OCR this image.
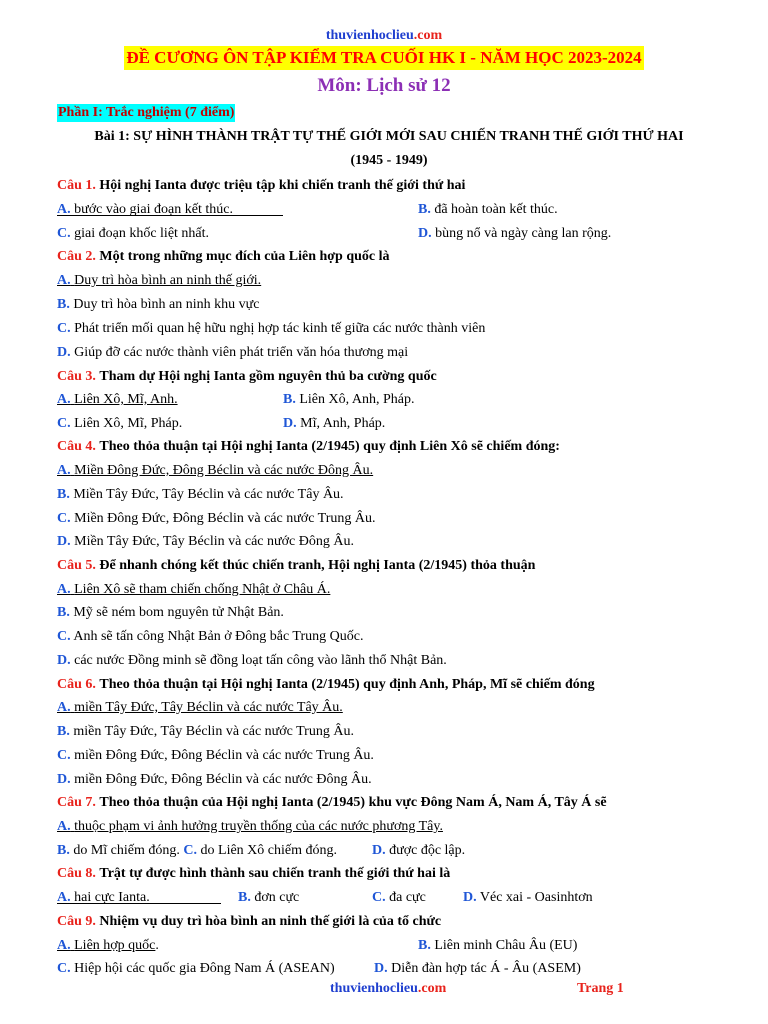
thuvienhoclieu.com
ĐỀ CƯƠNG ÔN TẬP KIỂM TRA CUỐI HK I - NĂM HỌC 2023-2024
Môn: Lịch sử 12
Phần I: Trắc nghiệm (7 điểm)
Bài 1: SỰ HÌNH THÀNH TRẬT TỰ THẾ GIỚI MỚI SAU CHIẾN TRANH THẾ GIỚI THỨ HAI
(1945 - 1949)
Câu 1. Hội nghị Ianta được triệu tập khi chiến tranh thế giới thứ hai
A. bước vào giai đoạn kết thúc.	B. đã hoàn toàn kết thúc.
C. giai đoạn khốc liệt nhất.	D. bùng nổ và ngày càng lan rộng.
Câu 2. Một trong những mục đích của Liên hợp quốc là
A. Duy trì hòa bình an ninh thế giới.
B. Duy trì hòa bình an ninh khu vực
C. Phát triển mối quan hệ hữu nghị hợp tác kinh tế giữa các nước thành viên
D. Giúp đỡ các nước thành viên phát triển văn hóa thương mại
Câu 3. Tham dự Hội nghị Ianta gồm nguyên thủ ba cường quốc
A. Liên Xô, Mĩ, Anh.	B. Liên Xô, Anh, Pháp.
C. Liên Xô, Mĩ, Pháp.	D. Mĩ, Anh, Pháp.
Câu 4. Theo thỏa thuận tại Hội nghị Ianta (2/1945) quy định Liên Xô sẽ chiếm đóng:
A. Miền Đông Đức, Đông Béclin và các nước Đông Âu.
B. Miền Tây Đức, Tây Béclin và các nước Tây Âu.
C. Miền Đông Đức, Đông Béclin và các nước Trung Âu.
D. Miền Tây Đức, Tây Béclin và các nước Đông Âu.
Câu 5. Để nhanh chóng kết thúc chiến tranh, Hội nghị Ianta (2/1945) thỏa thuận
A. Liên Xô sẽ tham chiến chống Nhật ở Châu Á.
B. Mỹ sẽ ném bom nguyên tử Nhật Bản.
C. Anh sẽ tấn công Nhật Bản ở Đông bắc Trung Quốc.
D. các nước Đồng minh sẽ đồng loạt tấn công vào lãnh thổ Nhật Bản.
Câu 6. Theo thỏa thuận tại Hội nghị Ianta (2/1945) quy định Anh, Pháp, Mĩ sẽ chiếm đóng
A. miền Tây Đức, Tây Béclin và các nước Tây Âu.
B. miền Tây Đức, Tây Béclin và các nước Trung Âu.
C. miền Đông Đức, Đông Béclin và các nước Trung Âu.
D. miền Đông Đức, Đông Béclin và các nước Đông Âu.
Câu 7. Theo thỏa thuận của Hội nghị Ianta (2/1945) khu vực Đông Nam Á, Nam Á, Tây Á sẽ
A. thuộc phạm vi ảnh hưởng truyền thống của các nước phương Tây.
B. do Mĩ chiếm đóng. C. do Liên Xô chiếm đóng.	D. được độc lập.
Câu 8. Trật tự được hình thành sau chiến tranh thế giới thứ hai là
A. hai cực Ianta.	B. đơn cực	C. đa cực	D. Véc xai - Oasinhtơn
Câu 9. Nhiệm vụ duy trì hòa bình an ninh thế giới là của tổ chức
A. Liên hợp quốc.	B. Liên minh Châu Âu (EU)
C. Hiệp hội các quốc gia Đông Nam Á (ASEAN)	D. Diễn đàn hợp tác Á - Âu (ASEM)
thuvienhoclieu.com	Trang 1
